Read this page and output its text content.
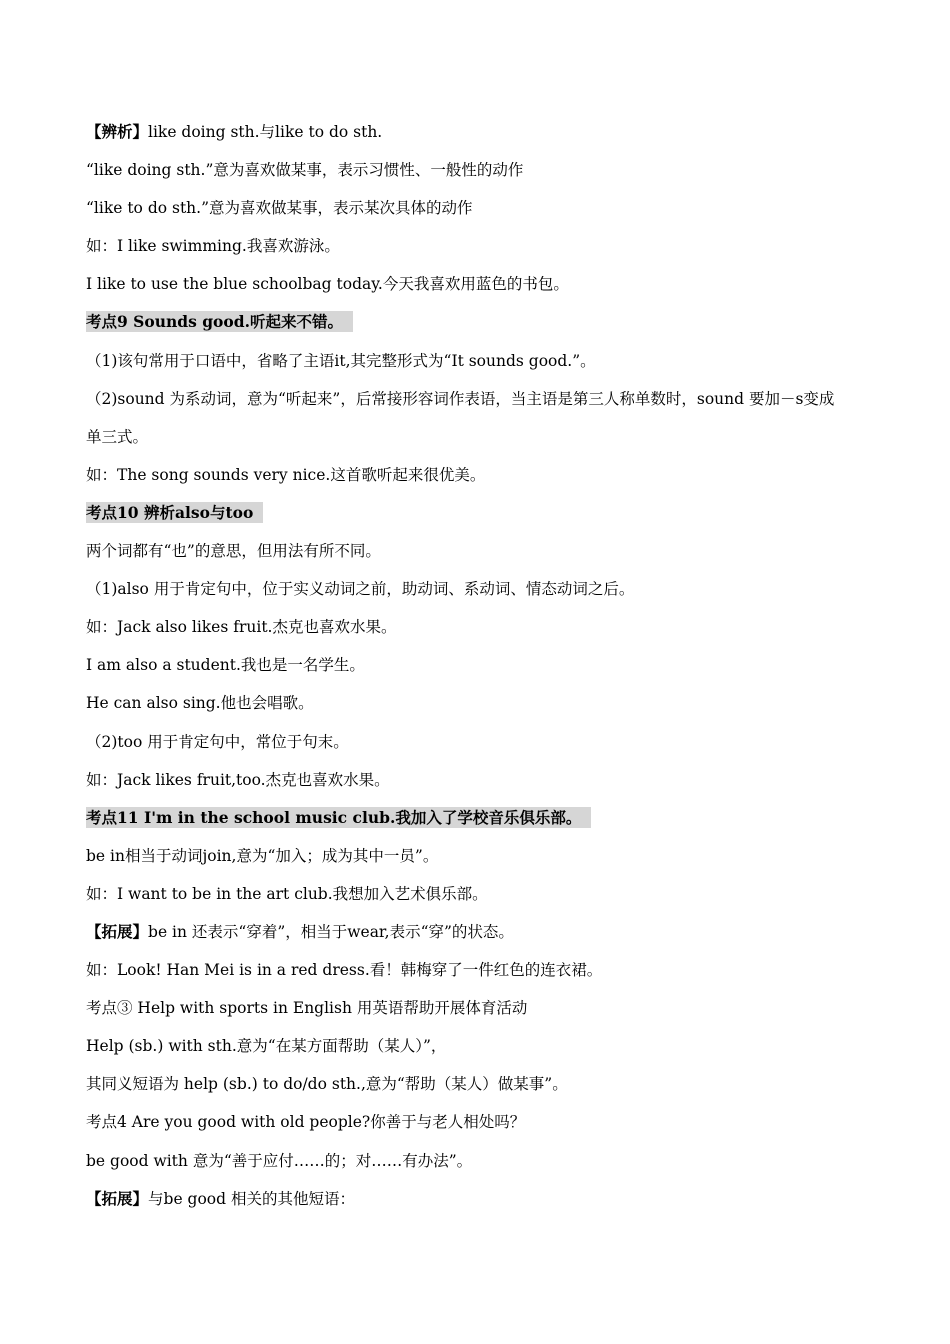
【辨析】like doing sth.与like to do sth.

“like doing sth.”意为喜欢做某事，表示习惯性、一般性的动作

“like to do sth.”意为喜欢做某事，表示某次具体的动作

如：I like swimming.我喜欢游泳。

I like to use the blue schoolbag today.今天我喜欢用蓝色的书包。

考点9 Sounds good.听起来不错。

（1)该句常用于口语中，省略了主语it,其完整形式为“It sounds good.”。

（2)sound 为系动词，意为“听起来”，后常接形容词作表语，当主语是第三人称单数时，sound 要加－s变成

单三式。

如：The song sounds very nice.这首歌听起来很优美。

考点10 辨析also与too

两个词都有“也”的意思，但用法有所不同。

（1)also 用于肯定句中，位于实义动词之前，助动词、系动词、情态动词之后。

如：Jack also likes fruit.杰克也喜欢水果。

I am also a student.我也是一名学生。

He can also sing.他也会唱歌。

（2)too 用于肯定句中，常位于句末。

如：Jack likes fruit,too.杰克也喜欢水果。

考点11 I'm in the school music club.我加入了学校音乐俱乐部。

be in相当于动词join,意为“加入；成为其中一员”。

如：I want to be in the art club.我想加入艺术俱乐部。

【拓展】be in 还表示“穿着”，相当于wear,表示“穿”的状态。

如：Look! Han Mei is in a red dress.看！韩梅穿了一件红色的连衣裙。

考点③ Help with sports in English 用英语帮助开展体育活动

Help (sb.) with sth.意为“在某方面帮助（某人）”，

其同义短语为 help (sb.) to do/do sth.,意为“帮助（某人）做某事”。

考点4 Are you good with old people?你善于与老人相处吗？

be good with 意为“善于应付……的；对……有办法”。

【拓展】与be good 相关的其他短语：
